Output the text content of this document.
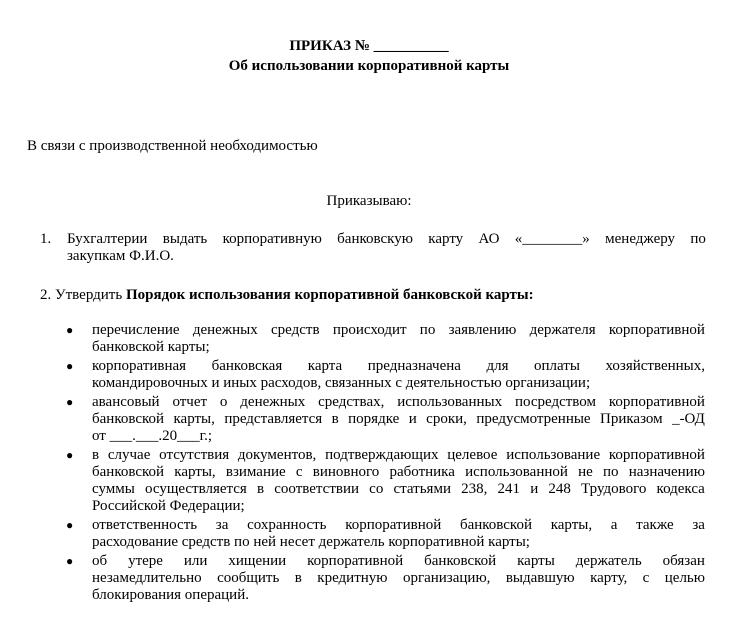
ПРИКАЗ № __________

Об использовании корпоративной карты

В связи с производственной необходимостью

Приказываю:

1. Бухгалтерии выдать корпоративную банковскую карту АО «________» менеджеру по
закупкам Ф.И.О.

2. Утвердить Порядок использования корпоративной банковской карты:

● перечисление денежных средств происходит по заявлению держателя корпоративной
банковской карты;
● корпоративная банковская карта предназначена для оплаты хозяйственных,
командировочных и иных расходов, связанных с деятельностью организации;
● авансовый отчет о денежных средствах, использованных посредством корпоративной
банковской карты, представляется в порядке и сроки, предусмотренные Приказом _-ОД
от ___.___.20___г.;
● в случае отсутствия документов, подтверждающих целевое использование корпоративной
банковской карты, взимание с виновного работника использованной не по назначению
суммы осуществляется в соответствии со статьями 238, 241 и 248 Трудового кодекса
Российской Федерации;
● ответственность за сохранность корпоративной банковской карты, а также за
расходование средств по ней несет держатель корпоративной карты;
● об утере или хищении корпоративной банковской карты держатель обязан
незамедлительно сообщить в кредитную организацию, выдавшую карту, с целью
блокирования операций.
